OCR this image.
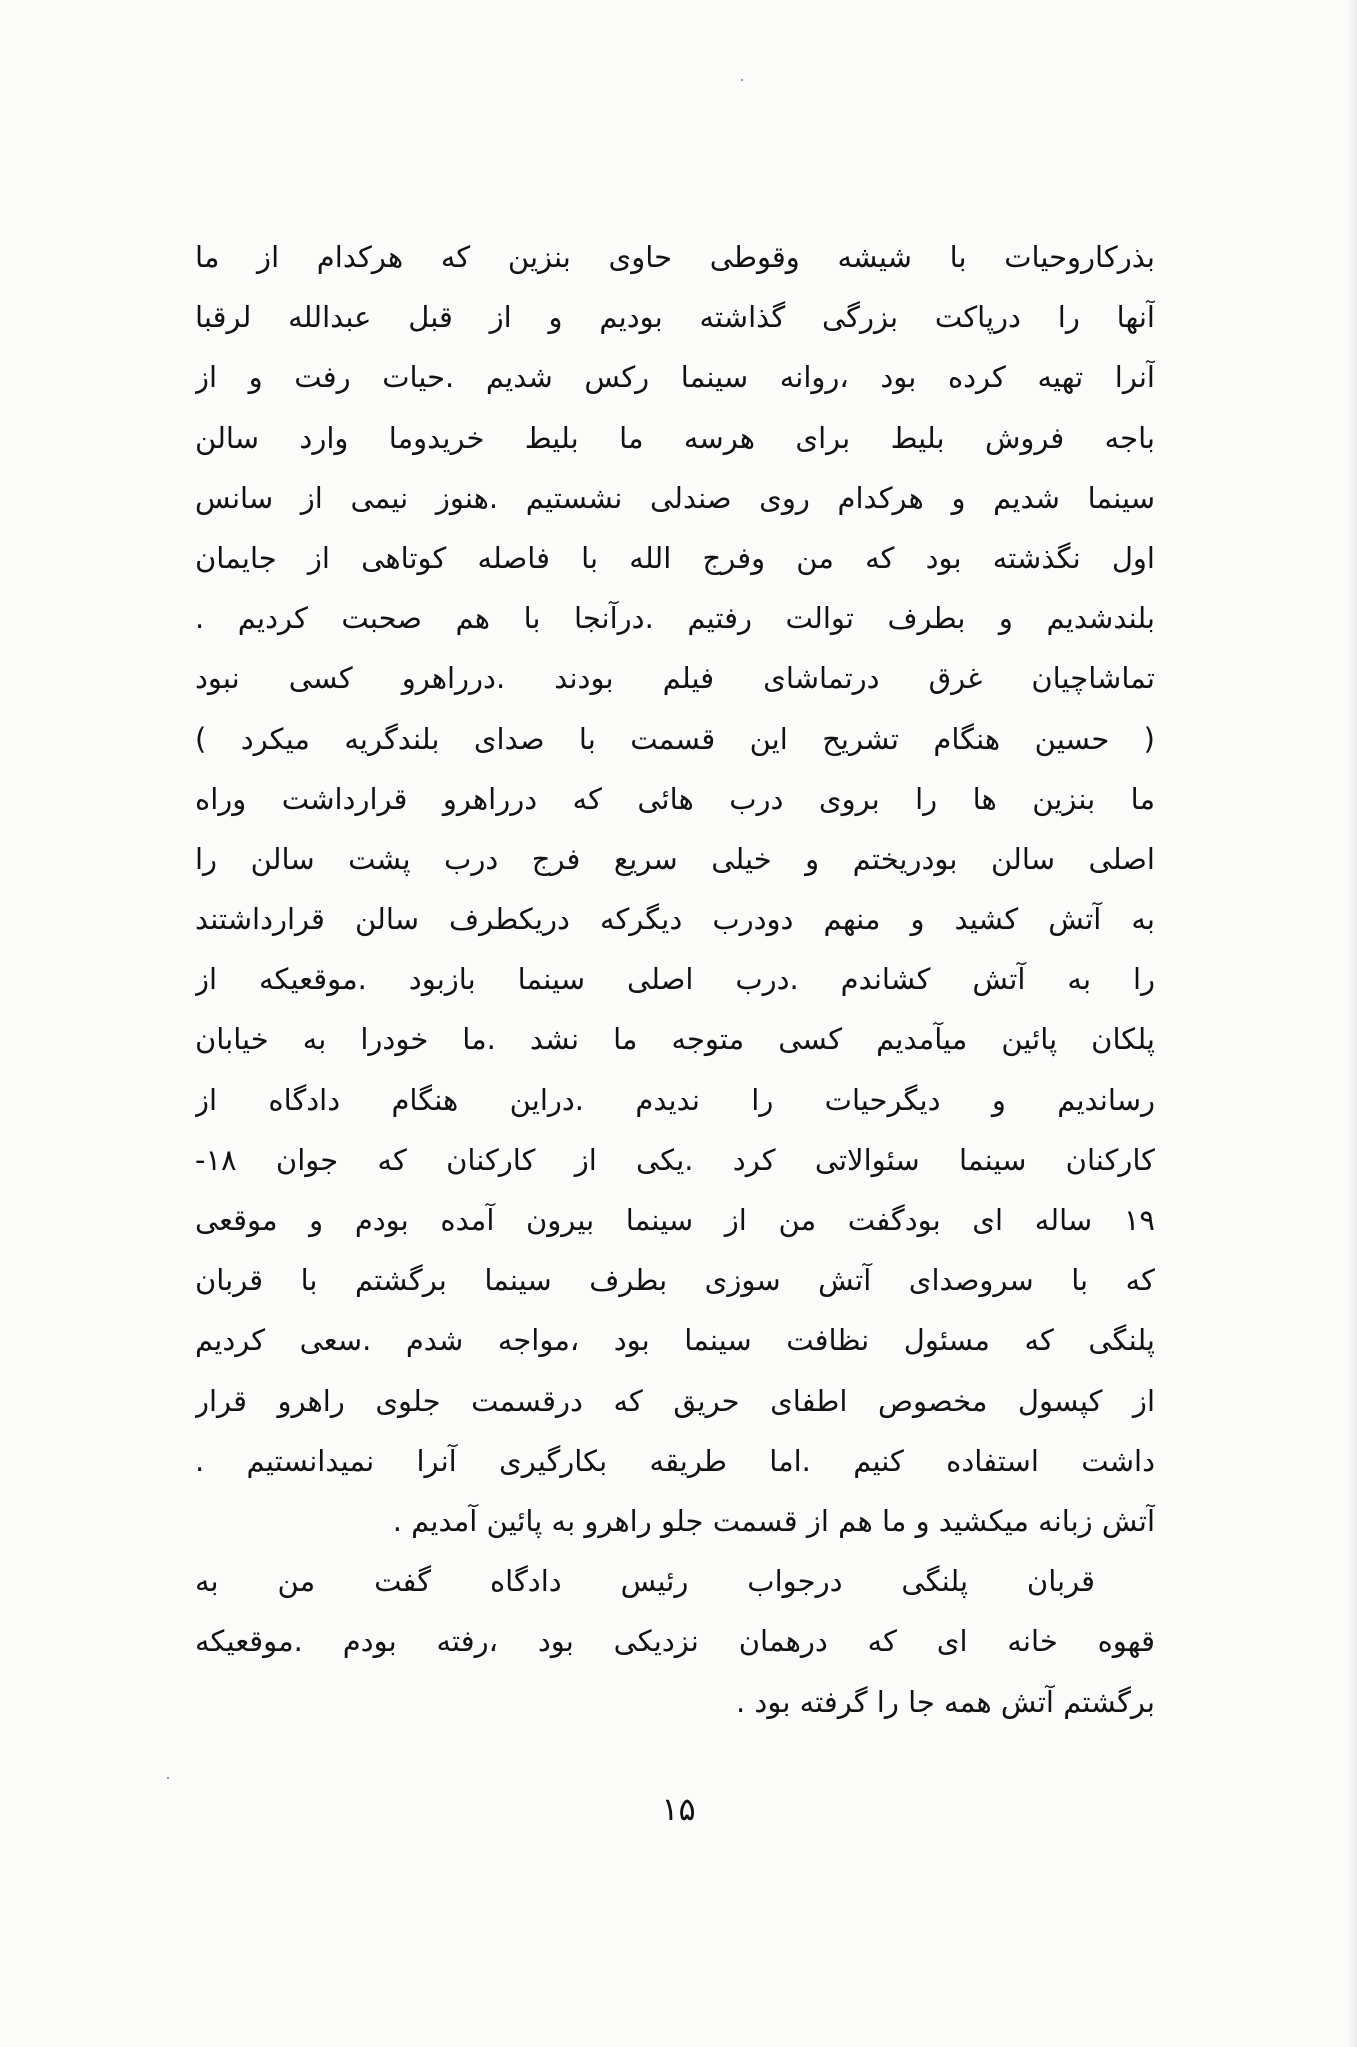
بذرکاروحیات با شیشه وقوطی حاوی بنزین که هرکدام از ما
آنها را درپاکت بزرگی گذاشته بودیم و از قبل عبدالله لرقبا
آنرا تهیه کرده بود ،روانه سینما رکس شدیم .حیات رفت و از
باجه فروش بلیط برای هرسه ما بلیط خریدوما وارد سالن
سینما شدیم و هرکدام روی صندلی نشستیم .هنوز نیمی از سانس
اول نگذشته بود که من وفرج الله با فاصله کوتاهی از جایمان
بلندشدیم و بطرف توالت رفتیم .درآنجا با هم صحبت کردیم .
تماشاچیان غرق درتماشای فیلم بودند .درراهرو کسی نبود
( حسین هنگام تشریح این قسمت با صدای بلندگریه میکرد )
ما بنزین ها را بروی درب هائی که درراهرو قرارداشت وراه
اصلی سالن بودریختم و خیلی سریع فرج درب پشت سالن را
به آتش کشید و منهم دودرب دیگرکه دریکطرف سالن قرارداشتند
را به آتش کشاندم .درب اصلی سینما بازبود .موقعیکه از
پلکان پائین میآمدیم کسی متوجه ما نشد .ما خودرا به خیابان
رساندیم و دیگرحیات را ندیدم .دراین هنگام دادگاه از
کارکنان سینما سئوالاتی کرد .یکی از کارکنان که جوان ۱۸-
۱۹ ساله ای بودگفت من از سینما بیرون آمده بودم و موقعی
که با سروصدای آتش سوزی بطرف سینما برگشتم با قربان
پلنگی که مسئول نظافت سینما بود ،مواجه شدم .سعی کردیم
از کپسول مخصوص اطفای حریق که درقسمت جلوی راهرو قرار
داشت استفاده کنیم .اما طریقه بکارگیری آنرا نمیدانستیم .
آتش زبانه میکشید و ما هم از قسمت جلو راهرو به پائین آمدیم .
قربان پلنگی درجواب رئیس دادگاه گفت من به
قهوه خانه ای که درهمان نزدیکی بود ،رفته بودم .موقعیکه
برگشتم آتش همه جا را گرفته بود .
۱۵
